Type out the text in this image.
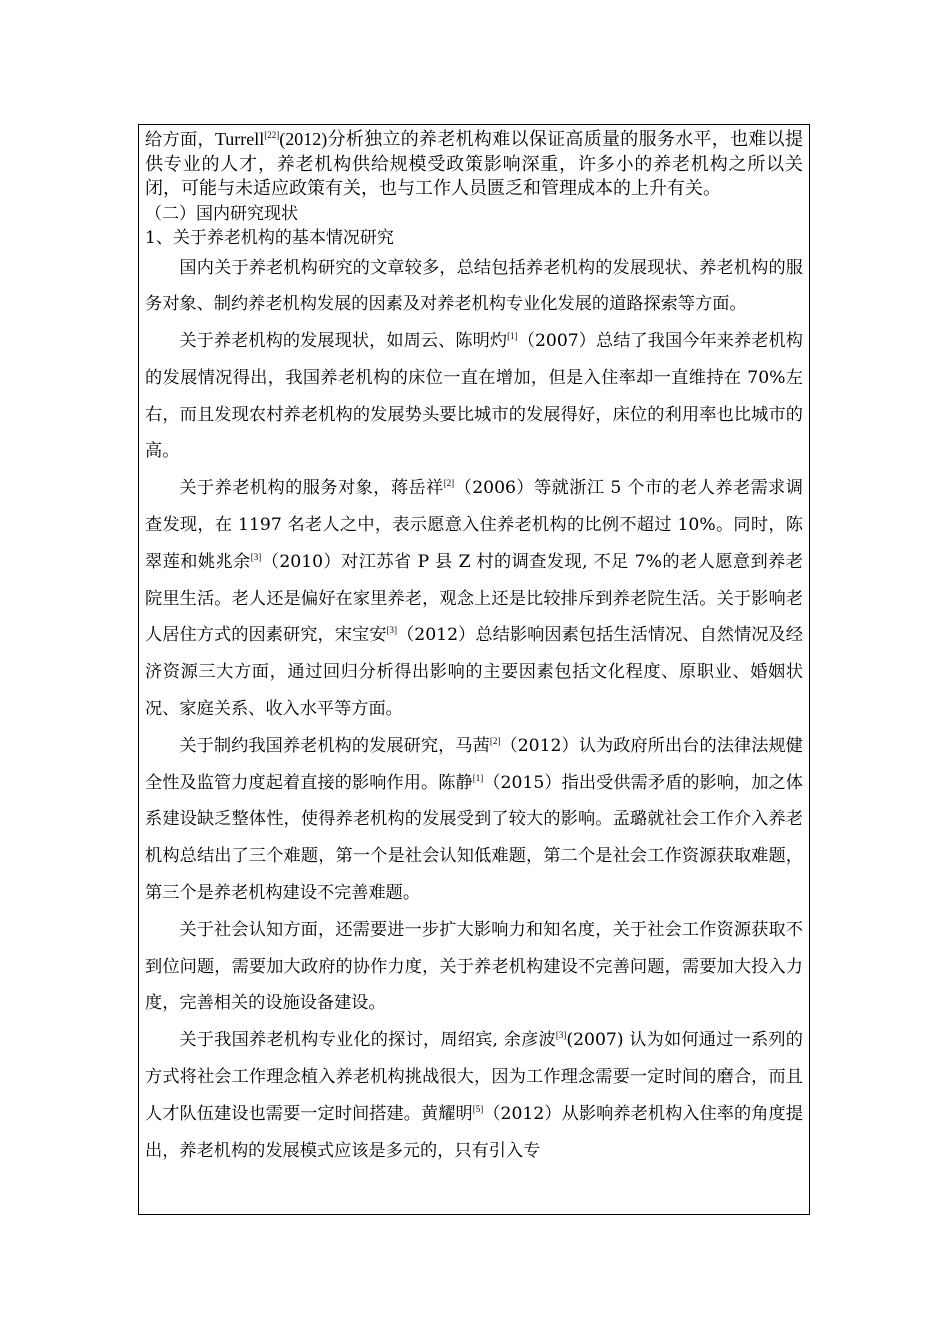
给方面，Turrell[22](2012)分析独立的养老机构难以保证高质量的服务水平，也难以提供专业的人才，养老机构供给规模受政策影响深重，许多小的养老机构之所以关闭，可能与未适应政策有关，也与工作人员匮乏和管理成本的上升有关。

（二）国内研究现状

1、关于养老机构的基本情况研究

国内关于养老机构研究的文章较多，总结包括养老机构的发展现状、养老机构的服务对象、制约养老机构发展的因素及对养老机构专业化发展的道路探索等方面。

关于养老机构的发展现状，如周云、陈明灼[1]（2007）总结了我国今年来养老机构的发展情况得出，我国养老机构的床位一直在增加，但是入住率却一直维持在 70%左右，而且发现农村养老机构的发展势头要比城市的发展得好，床位的利用率也比城市的高。

关于养老机构的服务对象，蒋岳祥[2]（2006）等就浙江 5 个市的老人养老需求调查发现，在 1197 名老人之中，表示愿意入住养老机构的比例不超过 10%。同时，陈翠莲和姚兆余[3]（2010）对江苏省 P 县 Z 村的调查发现, 不足 7%的老人愿意到养老院里生活。老人还是偏好在家里养老，观念上还是比较排斥到养老院生活。关于影响老人居住方式的因素研究，宋宝安[3]（2012）总结影响因素包括生活情况、自然情况及经济资源三大方面，通过回归分析得出影响的主要因素包括文化程度、原职业、婚姻状况、家庭关系、收入水平等方面。

关于制约我国养老机构的发展研究，马茜[2]（2012）认为政府所出台的法律法规健全性及监管力度起着直接的影响作用。陈静[1]（2015）指出受供需矛盾的影响，加之体系建设缺乏整体性，使得养老机构的发展受到了较大的影响。孟璐就社会工作介入养老机构总结出了三个难题，第一个是社会认知低难题，第二个是社会工作资源获取难题，第三个是养老机构建设不完善难题。

关于社会认知方面，还需要进一步扩大影响力和知名度，关于社会工作资源获取不到位问题，需要加大政府的协作力度，关于养老机构建设不完善问题，需要加大投入力度，完善相关的设施设备建设。

关于我国养老机构专业化的探讨，周绍宾, 余彦波[3](2007) 认为如何通过一系列的方式将社会工作理念植入养老机构挑战很大，因为工作理念需要一定时间的磨合，而且人才队伍建设也需要一定时间搭建。黄耀明[5]（2012）从影响养老机构入住率的角度提出，养老机构的发展模式应该是多元的，只有引入专
